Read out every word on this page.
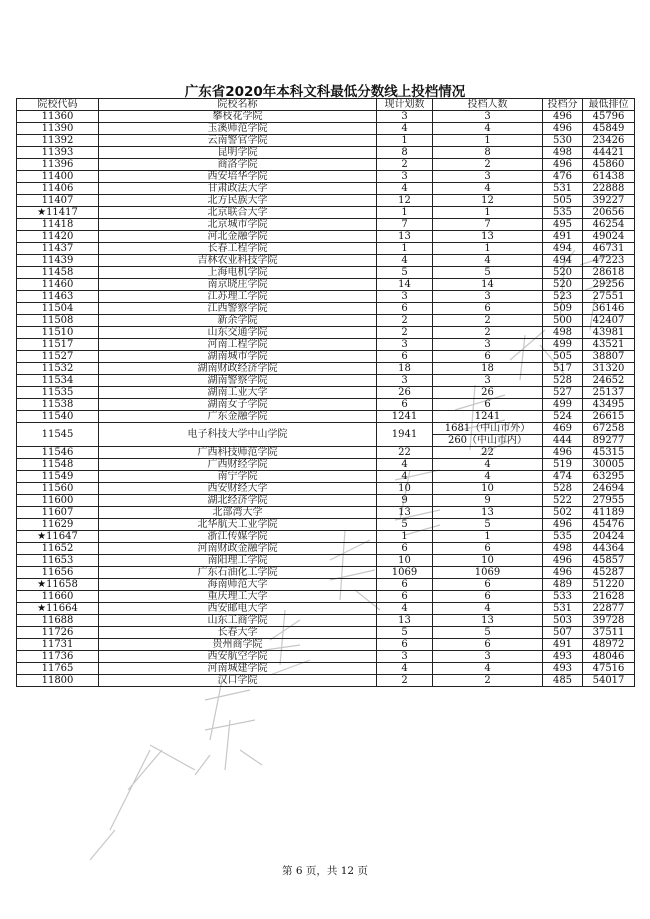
广东省2020年本科文科最低分数线上投档情况
院校代码	院校名称	现计划数	投档人数	投档分	最低排位
11360	攀枝花学院	3	3	496	45796
11390	玉溪师范学院	4	4	496	45849
11392	云南警官学院	1	1	530	23426
11393	昆明学院	8	8	498	44421
11396	商洛学院	2	2	496	45860
11400	西安培华学院	3	3	476	61438
11406	甘肃政法大学	4	4	531	22888
11407	北方民族大学	12	12	505	39227
★11417	北京联合大学	1	1	535	20656
11418	北京城市学院	7	7	495	46254
11420	河北金融学院	13	13	491	49024
11437	长春工程学院	1	1	494	46731
11439	吉林农业科技学院	4	4	494	47223
11458	上海电机学院	5	5	520	28618
11460	南京晓庄学院	14	14	520	29256
11463	江苏理工学院	3	3	523	27551
11504	江西警察学院	6	6	509	36146
11508	新余学院	2	2	500	42407
11510	山东交通学院	2	2	498	43981
11517	河南工程学院	3	3	499	43521
11527	湖南城市学院	6	6	505	38807
11532	湖南财政经济学院	18	18	517	31320
11534	湖南警察学院	3	3	528	24652
11535	湖南工业大学	26	26	527	25137
11538	湖南女子学院	6	6	499	43495
11540	广东金融学院	1241	1241	524	26615
11545	电子科技大学中山学院	1941	1681（中山市外）	469	67258
			260（中山市内）	444	89277
11546	广西科技师范学院	22	22	496	45315
11548	广西财经学院	4	4	519	30005
11549	南宁学院	4	4	474	63295
11560	西安财经大学	10	10	528	24694
11600	湖北经济学院	9	9	522	27955
11607	北部湾大学	13	13	502	41189
11629	北华航天工业学院	5	5	496	45476
★11647	浙江传媒学院	1	1	535	20424
11652	河南财政金融学院	6	6	498	44364
11653	南阳理工学院	10	10	496	45857
11656	广东石油化工学院	1069	1069	496	45287
★11658	海南师范大学	6	6	489	51220
11660	重庆理工大学	6	6	533	21628
★11664	西安邮电大学	4	4	531	22877
11688	山东工商学院	13	13	503	39728
11726	长春大学	5	5	507	37511
11731	贵州商学院	6	6	491	48972
11736	西安航空学院	3	3	493	48046
11765	河南城建学院	4	4	493	47516
11800	汉口学院	2	2	485	54017
第 6 页，共 12 页
